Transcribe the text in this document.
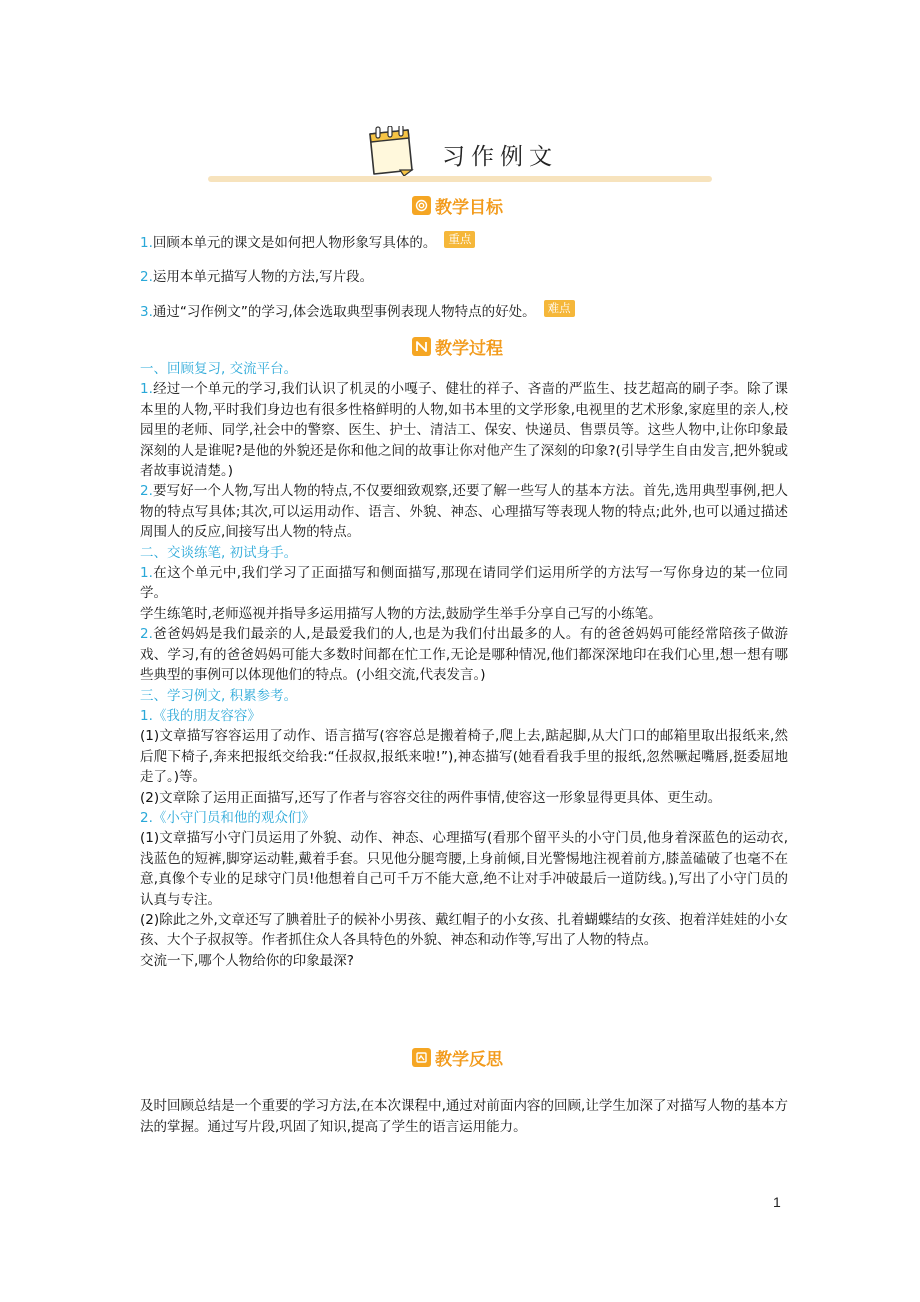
习作例文
教学目标
1.回顾本单元的课文是如何把人物形象写具体的。 重点
2.运用本单元描写人物的方法,写片段。
3.通过“习作例文”的学习,体会选取典型事例表现人物特点的好处。 难点
教学过程

一、回顾复习, 交流平台。

1.经过一个单元的学习,我们认识了机灵的小嘎子、健壮的祥子、吝啬的严监生、技艺超高的刷子李。除了课本里的人物,平时我们身边也有很多性格鲜明的人物,如书本里的文学形象,电视里的艺术形象,家庭里的亲人,校园里的老师、同学,社会中的警察、医生、护士、清洁工、保安、快递员、售票员等。这些人物中,让你印象最深刻的人是谁呢?是他的外貌还是你和他之间的故事让你对他产生了深刻的印象?(引导学生自由发言,把外貌或者故事说清楚。)

2.要写好一个人物,写出人物的特点,不仅要细致观察,还要了解一些写人的基本方法。首先,选用典型事例,把人物的特点写具体;其次,可以运用动作、语言、外貌、神态、心理描写等表现人物的特点;此外,也可以通过描述周围人的反应,间接写出人物的特点。

二、交谈练笔, 初试身手。

1.在这个单元中,我们学习了正面描写和侧面描写,那现在请同学们运用所学的方法写一写你身边的某一位同学。

学生练笔时,老师巡视并指导多运用描写人物的方法,鼓励学生举手分享自己写的小练笔。

2.爸爸妈妈是我们最亲的人,是最爱我们的人,也是为我们付出最多的人。有的爸爸妈妈可能经常陪孩子做游戏、学习,有的爸爸妈妈可能大多数时间都在忙工作,无论是哪种情况,他们都深深地印在我们心里,想一想有哪些典型的事例可以体现他们的特点。(小组交流,代表发言。)

三、学习例文, 积累参考。

1.《我的朋友容容》

(1)文章描写容容运用了动作、语言描写(容容总是搬着椅子,爬上去,踮起脚,从大门口的邮箱里取出报纸来,然后爬下椅子,奔来把报纸交给我:“任叔叔,报纸来啦!”),神态描写(她看看我手里的报纸,忽然噘起嘴唇,挺委屈地走了。)等。

(2)文章除了运用正面描写,还写了作者与容容交往的两件事情,使容这一形象显得更具体、更生动。

2.《小守门员和他的观众们》

(1)文章描写小守门员运用了外貌、动作、神态、心理描写(看那个留平头的小守门员,他身着深蓝色的运动衣,浅蓝色的短裤,脚穿运动鞋,戴着手套。只见他分腿弯腰,上身前倾,目光警惕地注视着前方,膝盖磕破了也毫不在意,真像个专业的足球守门员!他想着自己可千万不能大意,绝不让对手冲破最后一道防线。),写出了小守门员的认真与专注。

(2)除此之外,文章还写了腆着肚子的候补小男孩、戴红帽子的小女孩、扎着蝴蝶结的女孩、抱着洋娃娃的小女孩、大个子叔叔等。作者抓住众人各具特色的外貌、神态和动作等,写出了人物的特点。

交流一下,哪个人物给你的印象最深?

教学反思

及时回顾总结是一个重要的学习方法,在本次课程中,通过对前面内容的回顾,让学生加深了对描写人物的基本方法的掌握。通过写片段,巩固了知识,提高了学生的语言运用能力。

1
